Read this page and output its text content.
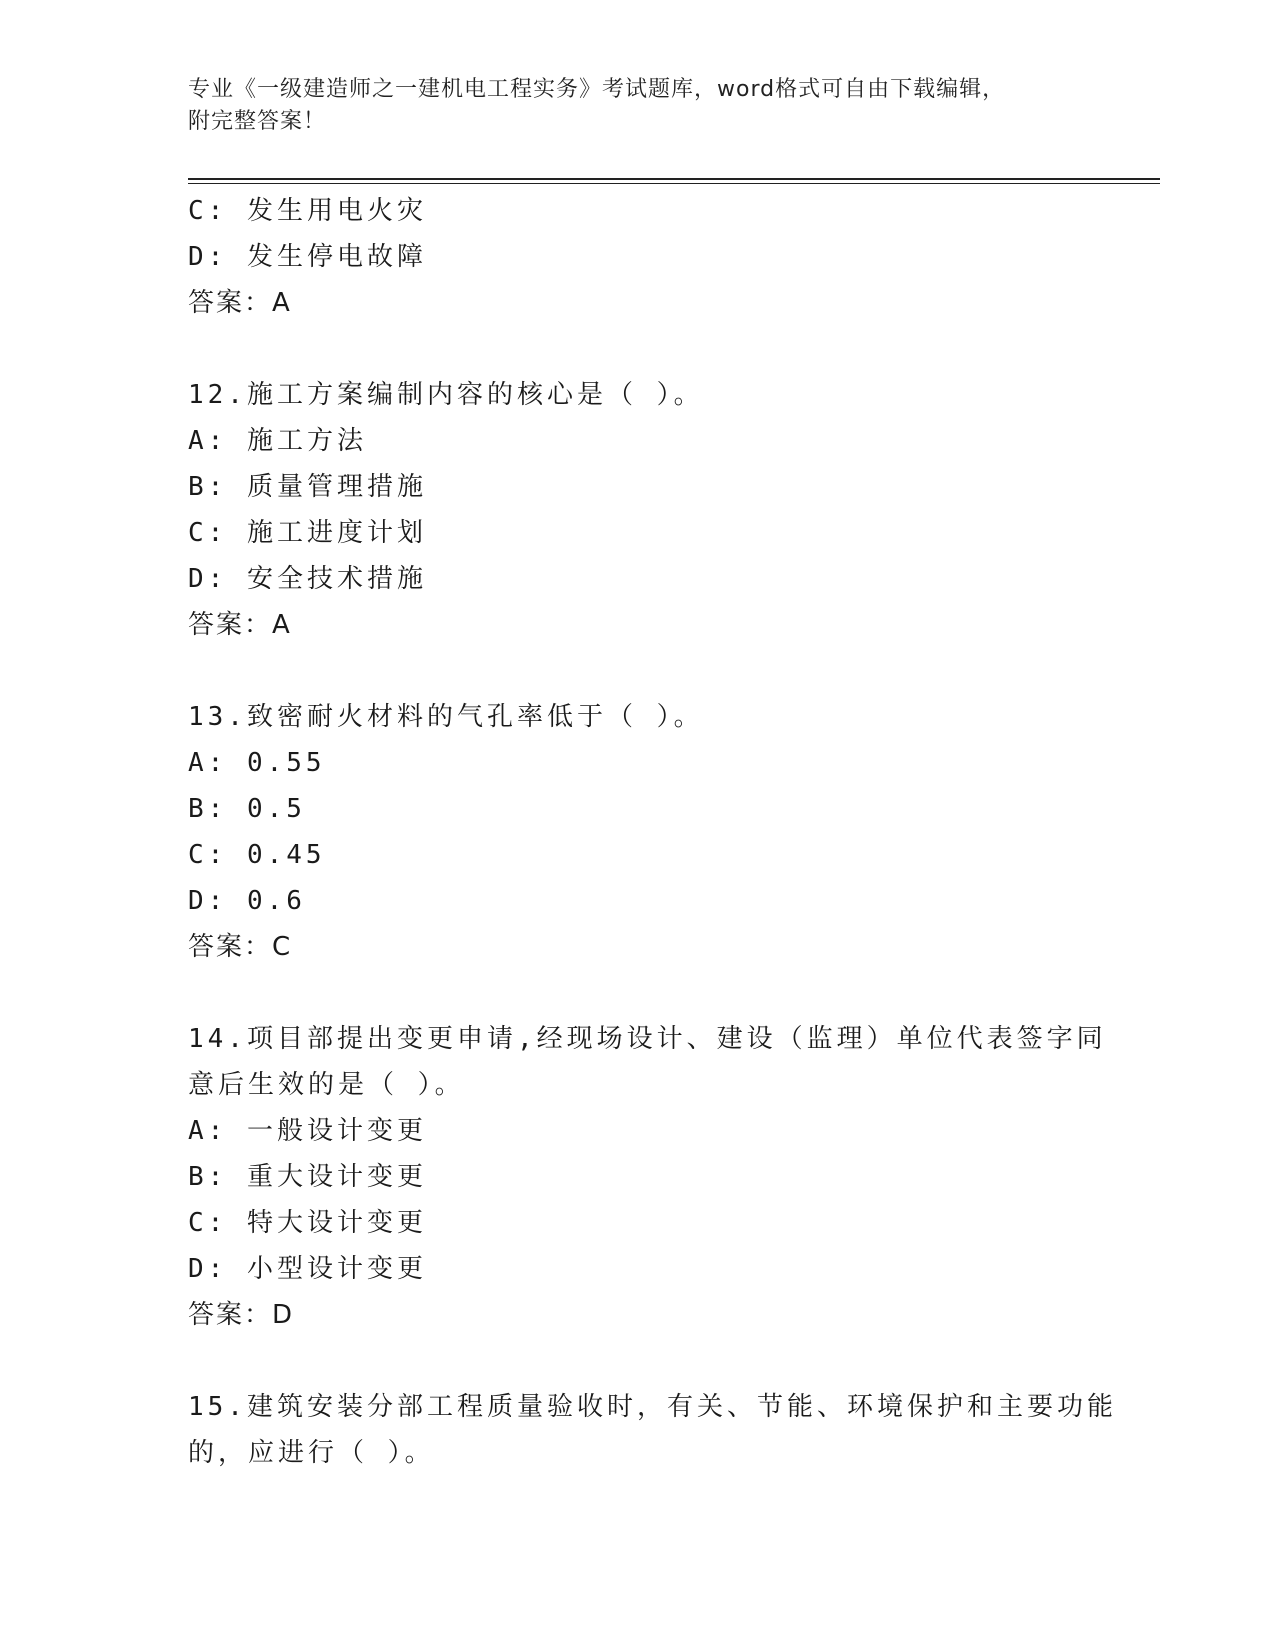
专业《一级建造师之一建机电工程实务》考试题库，word格式可自由下载编辑，
附完整答案！
C: 发生用电火灾
D: 发生停电故障
答案：A
12.施工方案编制内容的核心是（ ）。
A: 施工方法
B: 质量管理措施
C: 施工进度计划
D: 安全技术措施
答案：A
13.致密耐火材料的气孔率低于（ ）。
A: 0.55
B: 0.5
C: 0.45
D: 0.6
答案：C
14.项目部提出变更申请,经现场设计、建设（监理）单位代表签字同
意后生效的是（ ）。
A: 一般设计变更
B: 重大设计变更
C: 特大设计变更
D: 小型设计变更
答案：D
15.建筑安装分部工程质量验收时，有关、节能、环境保护和主要功能
的，应进行（ ）。
